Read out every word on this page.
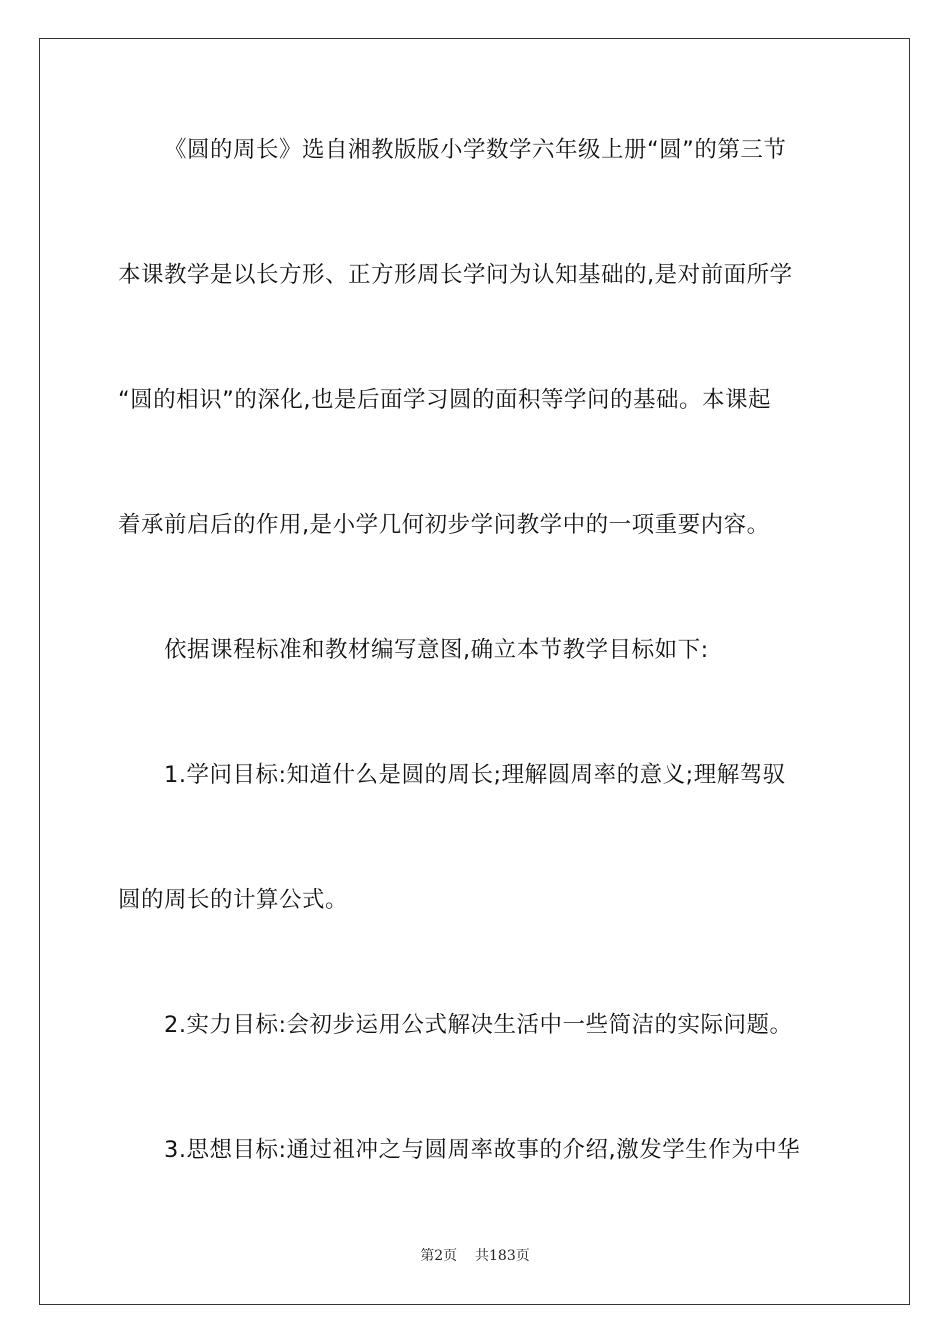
《圆的周长》选自湘教版版小学数学六年级上册“圆”的第三节
本课教学是以长方形、正方形周长学问为认知基础的,是对前面所学
“圆的相识”的深化,也是后面学习圆的面积等学问的基础。本课起
着承前启后的作用,是小学几何初步学问教学中的一项重要内容。
依据课程标准和教材编写意图,确立本节教学目标如下:
1.学问目标:知道什么是圆的周长;理解圆周率的意义;理解驾驭
圆的周长的计算公式。
2.实力目标:会初步运用公式解决生活中一些简洁的实际问题。
3.思想目标:通过祖冲之与圆周率故事的介绍,激发学生作为中华
第2页 共183页
